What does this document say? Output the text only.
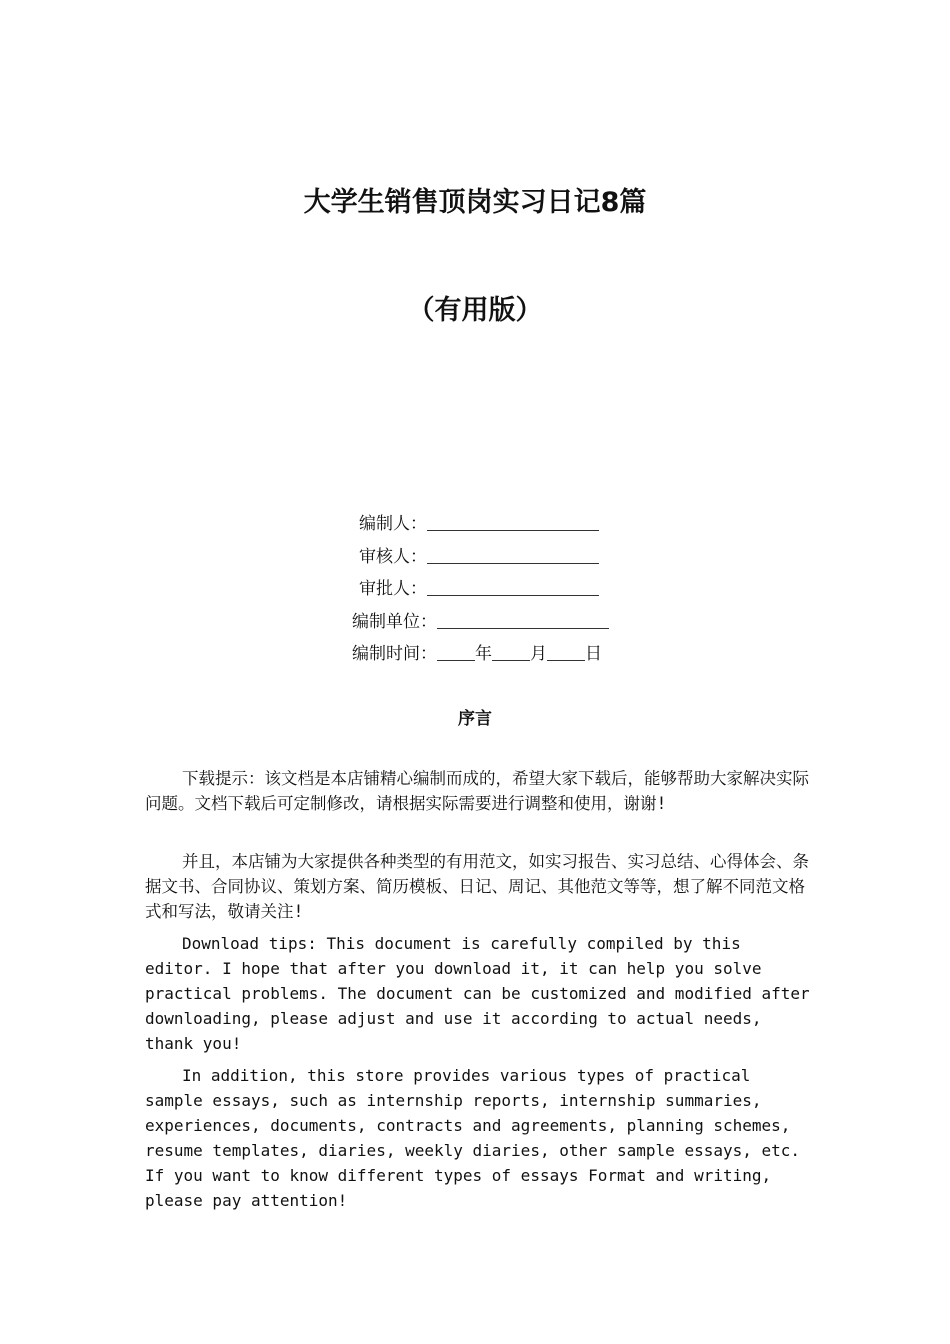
大学生销售顶岗实习日记8篇
（有用版）
编制人：
审核人：
审批人：
编制单位：
编制时间： 年 月 日
序言

下载提示：该文档是本店铺精心编制而成的，希望大家下载后，能够帮助大家解决实际问题。文档下载后可定制修改，请根据实际需要进行调整和使用，谢谢!

并且，本店铺为大家提供各种类型的有用范文，如实习报告、实习总结、心得体会、条据文书、合同协议、策划方案、简历模板、日记、周记、其他范文等等，想了解不同范文格式和写法，敬请关注!

Download tips: This document is carefully compiled by this editor. I hope that after you download it, it can help you solve practical problems. The document can be customized and modified after downloading, please adjust and use it according to actual needs, thank you!

In addition, this store provides various types of practical sample essays, such as internship reports, internship summaries, experiences, documents, contracts and agreements, planning schemes, resume templates, diaries, weekly diaries, other sample essays, etc. If you want to know different types of essays Format and writing, please pay attention!
